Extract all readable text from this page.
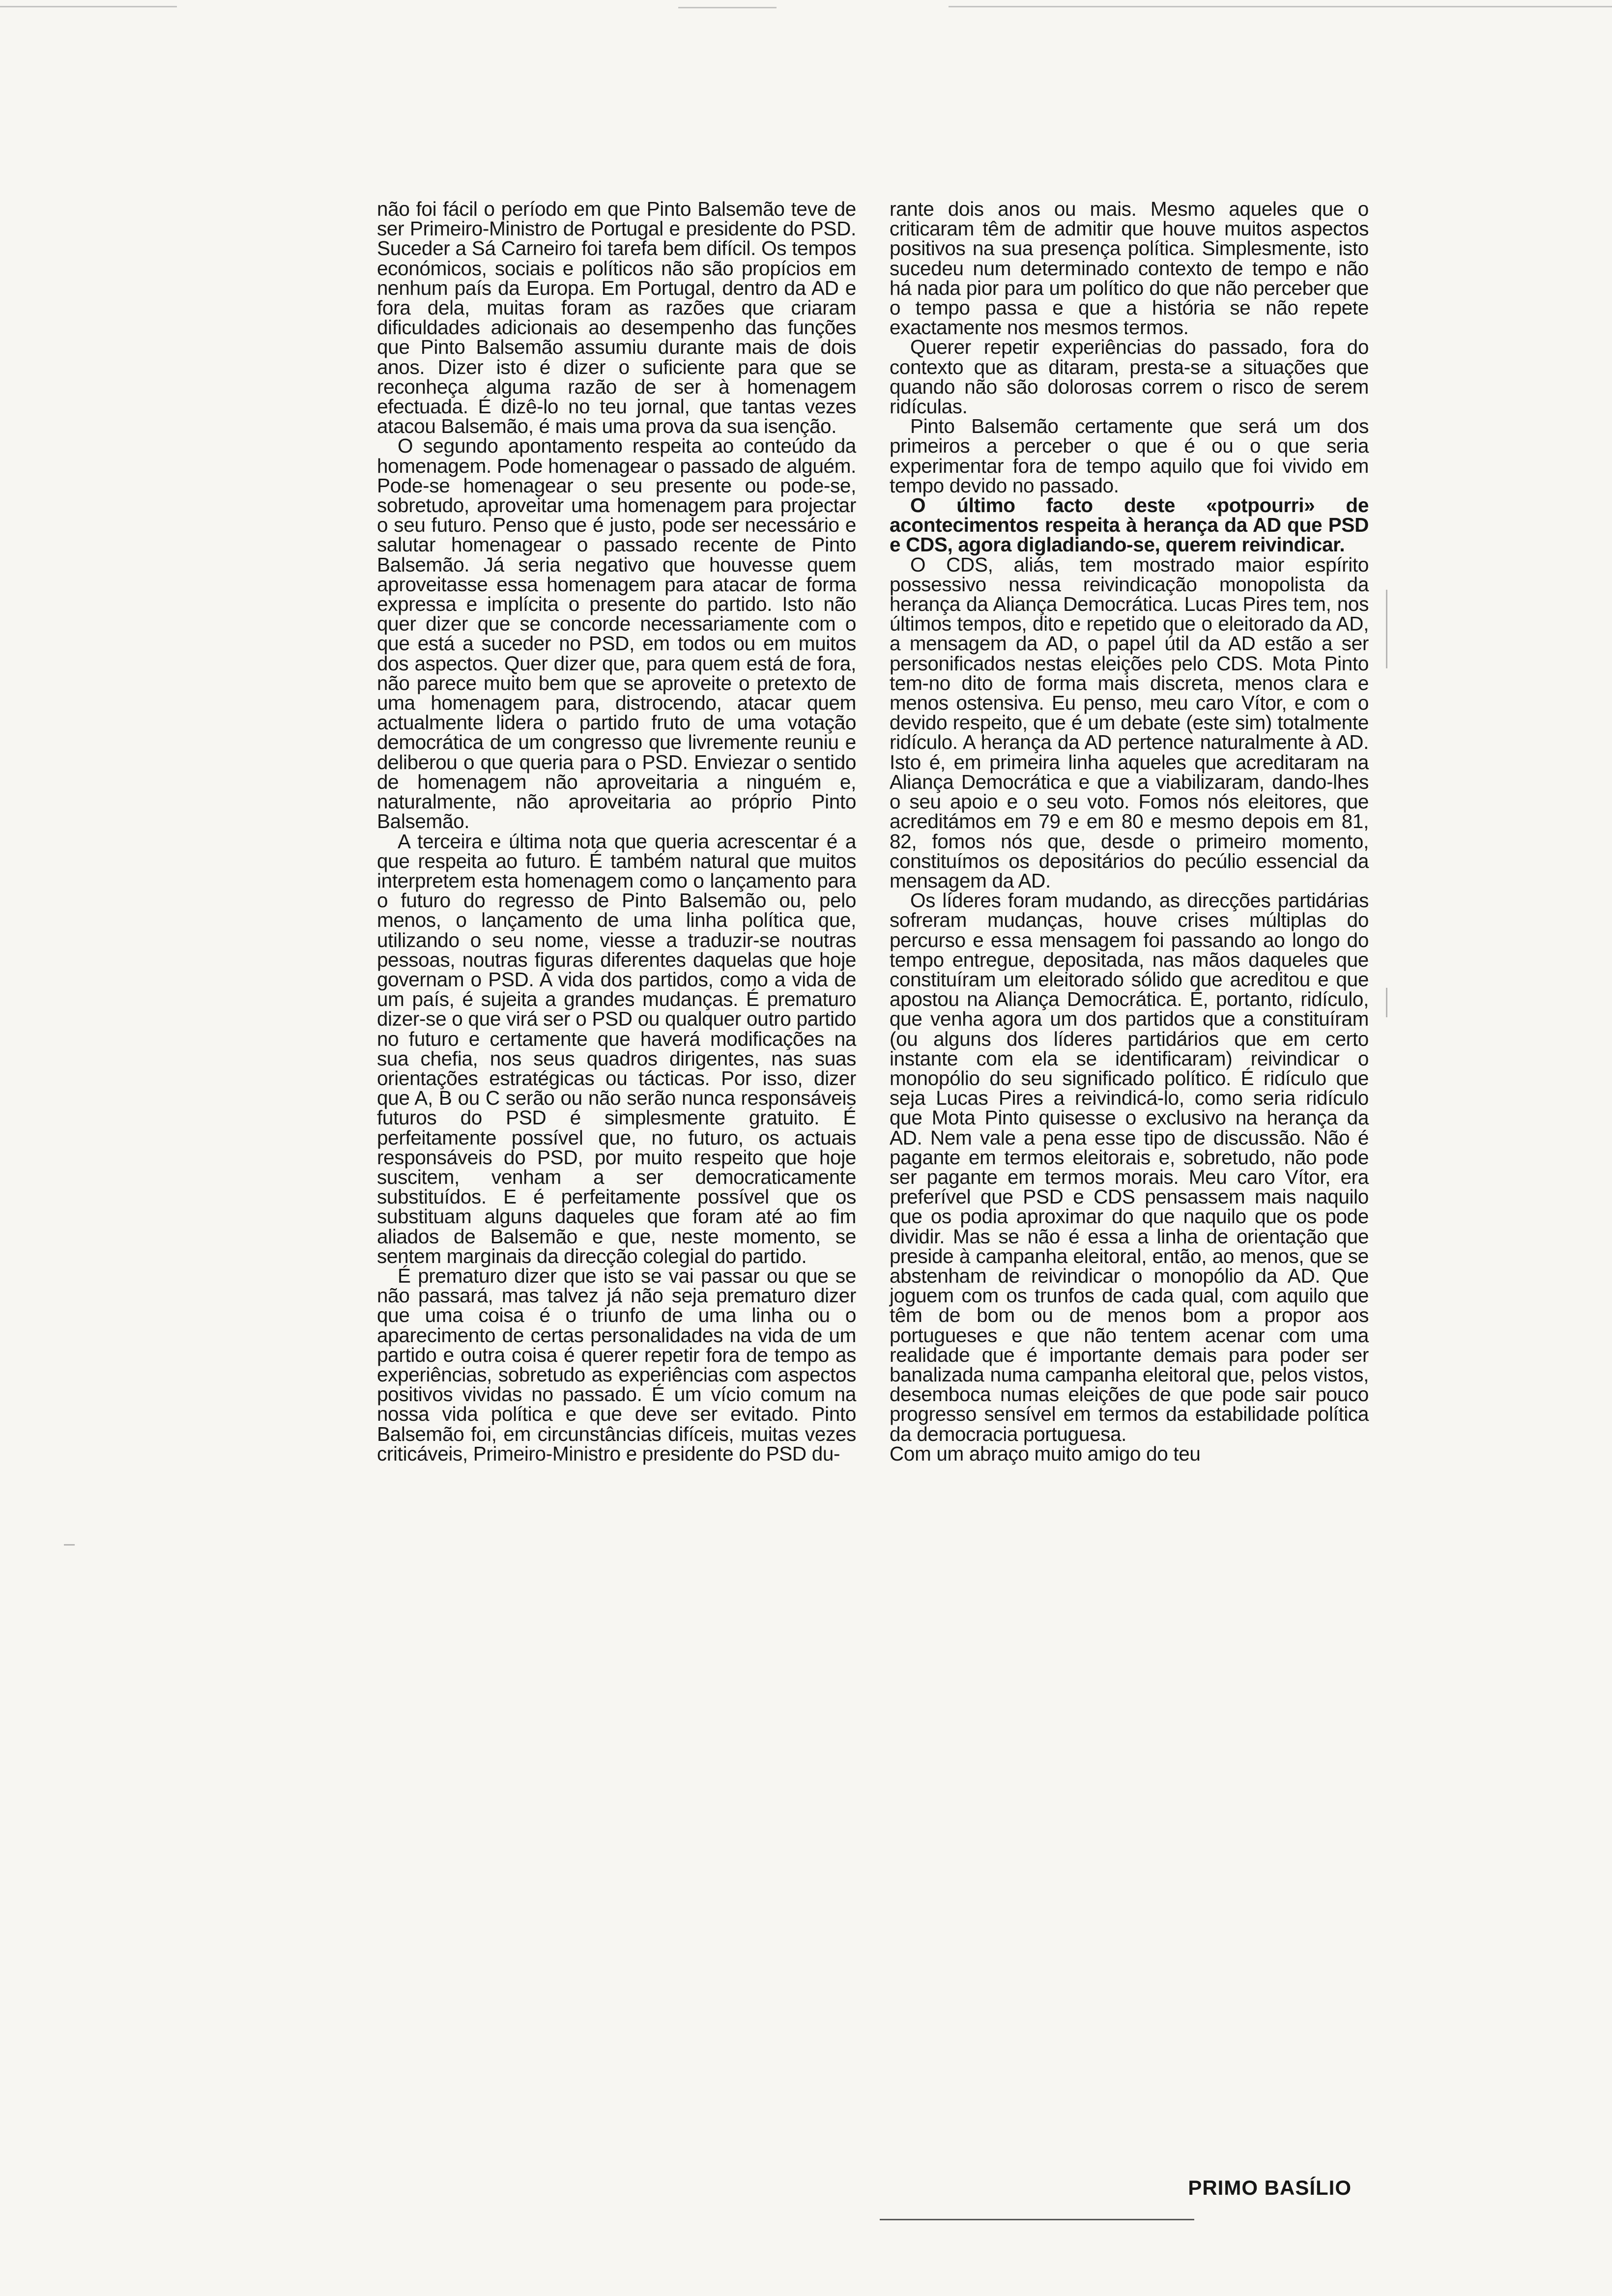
não foi fácil o período em que Pinto Balsemão teve de ser Primeiro-Ministro de Portugal e presidente do PSD. Suceder a Sá Carneiro foi tarefa bem difícil. Os tempos económicos, sociais e políticos não são propícios em nenhum país da Europa. Em Portugal, dentro da AD e fora dela, muitas foram as razões que criaram dificuldades adicionais ao desempenho das funções que Pinto Balsemão assumiu durante mais de dois anos. Dizer isto é dizer o suficiente para que se reconheça alguma razão de ser à homenagem efectuada. É dizê-lo no teu jornal, que tantas vezes atacou Balsemão, é mais uma prova da sua isenção.

O segundo apontamento respeita ao conteúdo da homenagem. Pode homenagear o passado de alguém. Pode-se homenagear o seu presente ou pode-se, sobretudo, aproveitar uma homenagem para projectar o seu futuro. Penso que é justo, pode ser necessário e salutar homenagear o passado recente de Pinto Balsemão. Já seria negativo que houvesse quem aproveitasse essa homenagem para atacar de forma expressa e implícita o presente do partido. Isto não quer dizer que se concorde necessariamente com o que está a suceder no PSD, em todos ou em muitos dos aspectos. Quer dizer que, para quem está de fora, não parece muito bem que se aproveite o pretexto de uma homenagem para, distrocendo, atacar quem actualmente lidera o partido fruto de uma votação democrática de um congresso que livremente reuniu e deliberou o que queria para o PSD. Enviezar o sentido de homenagem não aproveitaria a ninguém e, naturalmente, não aproveitaria ao próprio Pinto Balsemão.

A terceira e última nota que queria acrescentar é a que respeita ao futuro. É também natural que muitos interpretem esta homenagem como o lançamento para o futuro do regresso de Pinto Balsemão ou, pelo menos, o lançamento de uma linha política que, utilizando o seu nome, viesse a traduzir-se noutras pessoas, noutras figuras diferentes daquelas que hoje governam o PSD. A vida dos partidos, como a vida de um país, é sujeita a grandes mudanças. É prematuro dizer-se o que virá ser o PSD ou qualquer outro partido no futuro e certamente que haverá modificações na sua chefia, nos seus quadros dirigentes, nas suas orientações estratégicas ou tácticas. Por isso, dizer que A, B ou C serão ou não serão nunca responsáveis futuros do PSD é simplesmente gratuito. É perfeitamente possível que, no futuro, os actuais responsáveis do PSD, por muito respeito que hoje suscitem, venham a ser democraticamente substituídos. E é perfeitamente possível que os substituam alguns daqueles que foram até ao fim aliados de Balsemão e que, neste momento, se sentem marginais da direcção colegial do partido.

É prematuro dizer que isto se vai passar ou que se não passará, mas talvez já não seja prematuro dizer que uma coisa é o triunfo de uma linha ou o aparecimento de certas personalidades na vida de um partido e outra coisa é querer repetir fora de tempo as experiências, sobretudo as experiências com aspectos positivos vividas no passado. É um vício comum na nossa vida política e que deve ser evitado. Pinto Balsemão foi, em circunstâncias difíceis, muitas vezes criticáveis, Primeiro-Ministro e presidente do PSD du-

rante dois anos ou mais. Mesmo aqueles que o criticaram têm de admitir que houve muitos aspectos positivos na sua presença política. Simplesmente, isto sucedeu num determinado contexto de tempo e não há nada pior para um político do que não perceber que o tempo passa e que a história se não repete exactamente nos mesmos termos.

Querer repetir experiências do passado, fora do contexto que as ditaram, presta-se a situações que quando não são dolorosas correm o risco de serem ridículas.

Pinto Balsemão certamente que será um dos primeiros a perceber o que é ou o que seria experimentar fora de tempo aquilo que foi vivido em tempo devido no passado.

O último facto deste «potpourri» de acontecimentos respeita à herança da AD que PSD e CDS, agora digladiando-se, querem reivindicar.

O CDS, aliás, tem mostrado maior espírito possessivo nessa reivindicação monopolista da herança da Aliança Democrática. Lucas Pires tem, nos últimos tempos, dito e repetido que o eleitorado da AD, a mensagem da AD, o papel útil da AD estão a ser personificados nestas eleições pelo CDS. Mota Pinto tem-no dito de forma mais discreta, menos clara e menos ostensiva. Eu penso, meu caro Vítor, e com o devido respeito, que é um debate (este sim) totalmente ridículo. A herança da AD pertence naturalmente à AD. Isto é, em primeira linha aqueles que acreditaram na Aliança Democrática e que a viabilizaram, dando-lhes o seu apoio e o seu voto. Fomos nós eleitores, que acreditámos em 79 e em 80 e mesmo depois em 81, 82, fomos nós que, desde o primeiro momento, constituímos os depositários do pecúlio essencial da mensagem da AD.

Os líderes foram mudando, as direcções partidárias sofreram mudanças, houve crises múltiplas do percurso e essa mensagem foi passando ao longo do tempo entregue, depositada, nas mãos daqueles que constituíram um eleitorado sólido que acreditou e que apostou na Aliança Democrática. É, portanto, ridículo, que venha agora um dos partidos que a constituíram (ou alguns dos líderes partidários que em certo instante com ela se identificaram) reivindicar o monopólio do seu significado político. É ridículo que seja Lucas Pires a reivindicá-lo, como seria ridículo que Mota Pinto quisesse o exclusivo na herança da AD. Nem vale a pena esse tipo de discussão. Não é pagante em termos eleitorais e, sobretudo, não pode ser pagante em termos morais. Meu caro Vítor, era preferível que PSD e CDS pensassem mais naquilo que os podia aproximar do que naquilo que os pode dividir. Mas se não é essa a linha de orientação que preside à campanha eleitoral, então, ao menos, que se abstenham de reivindicar o monopólio da AD. Que joguem com os trunfos de cada qual, com aquilo que têm de bom ou de menos bom a propor aos portugueses e que não tentem acenar com uma realidade que é importante demais para poder ser banalizada numa campanha eleitoral que, pelos vistos, desemboca numas eleições de que pode sair pouco progresso sensível em termos da estabilidade política da democracia portuguesa.

Com um abraço muito amigo do teu

PRIMO BASÍLIO
